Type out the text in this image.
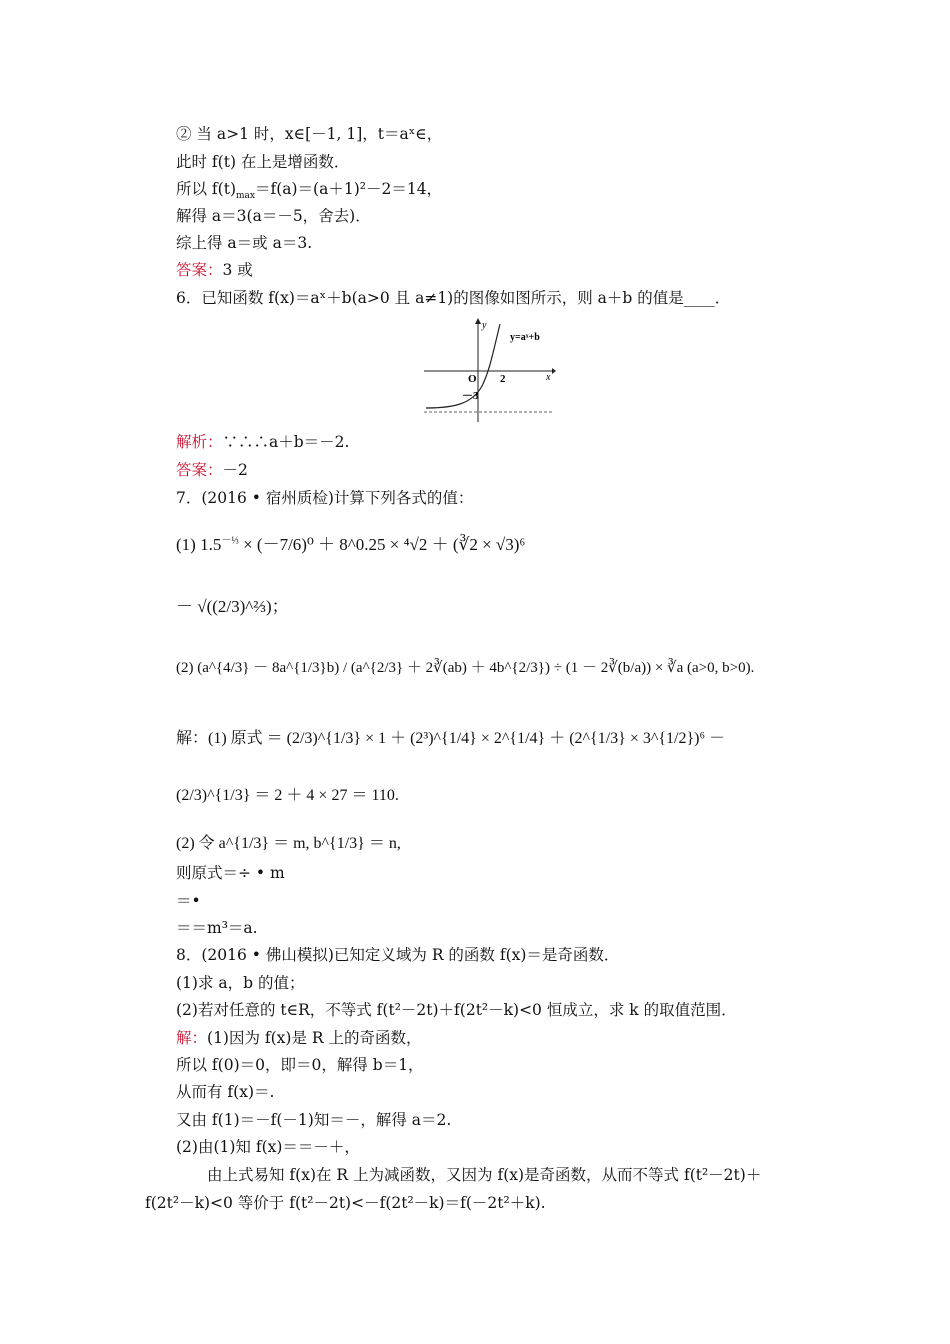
② 当 a>1 时，x∈[－1, 1]，t＝aˣ∈，
此时 f(t) 在上是增函数．
所以 $f(t)_{max}=f(a)=(a+1)^2-2=14$，
解得 a＝3(a＝－5，舍去)．
综上得 a＝或 a＝3.
答案：3 或
6．已知函数 f(x)＝aˣ＋b(a>0 且 a≠1)的图像如图所示，则 a＋b 的值是____．
y
x
y=aˣ+b
O 2
－3
解析：∵∴∴a＋b＝－2.
答案：－2
7．(2016 • 宿州质检)计算下列各式的值：
(1) $1.5^{-\frac{1}{3}} \times (-7/6)^0$ ＋ 8^0.25 × ⁴√2 ＋ (∛2 × √3)⁶
－ √((2/3)^⅔)；
(2) (a^{4/3} － 8a^{1/3}b) / (a^{2/3} ＋ 2∛(ab) ＋ 4b^{2/3}) ÷ (1 － 2∛(b/a)) × ∛a (a>0, b>0).
解：(1) 原式 ＝ (2/3)^{1/3} × 1 ＋ (2³)^{1/4} × 2^{1/4} ＋ (2^{1/3} × 3^{1/2})⁶ －
(2/3)^{1/3} ＝ 2 ＋ 4 × 27 ＝ 110.
(2) 令 a^{1/3} ＝ m, b^{1/3} ＝ n,
则原式＝÷ • m
＝•
＝＝m³＝a.
8．(2016 • 佛山模拟)已知定义域为 R 的函数 f(x)＝是奇函数．
(1)求 a，b 的值；
(2)若对任意的 t∈R，不等式 f(t²－2t)＋f(2t²－k)<0 恒成立，求 k 的取值范围．
解：(1)因为 f(x)是 R 上的奇函数，
所以 f(0)＝0，即＝0，解得 b＝1，
从而有 f(x)＝.
又由 f(1)＝－f(－1)知＝－，解得 a＝2.
(2)由(1)知 f(x)＝＝－＋，
由上式易知 f(x)在 R 上为减函数，又因为 f(x)是奇函数，从而不等式 f(t²－2t)＋
f(2t²－k)<0 等价于 f(t²－2t)<－f(2t²－k)＝f(－2t²＋k).
